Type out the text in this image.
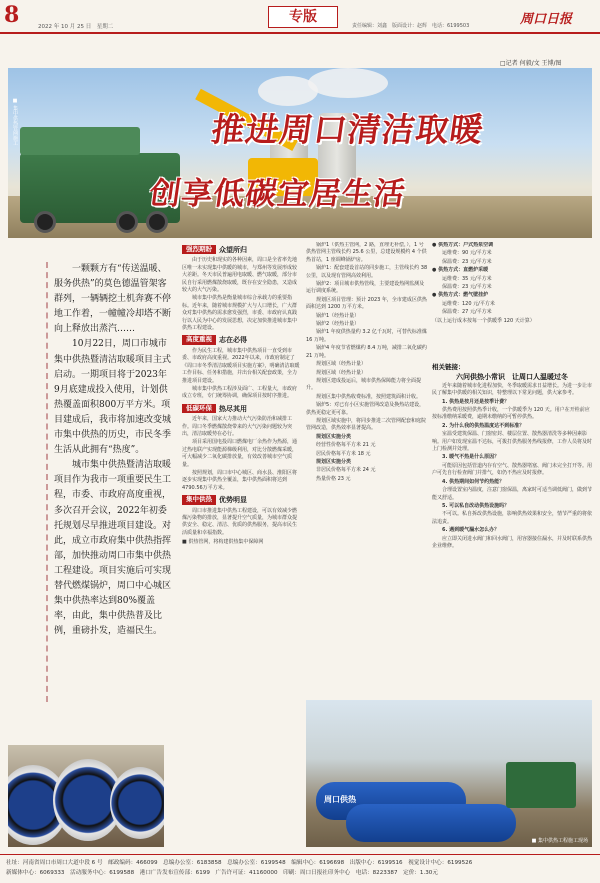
8	2022 年 10 月 25 日　星期二
专版
责任编辑：刘鑫　版面设计：赵辉　电话：6199503	周口日报
□记者 何毅/文 王博/图
■ 集中供热管网施工	推进周口清洁取暖
创享低碳宜居生活

一颗颗方有“传送温暖、服务供热”的莫色德温管架客群列，一辆辆挖土机奔赛不停地工作着，一幢幢冷却塔不断向上释放出蒸汽……

10月22日，周口市城市集中供热暨清洁取暖项目主式启动。一期项目将于2023年9月底建成投入使用，计划供热覆盖面积800万平方米。项目建成后，我市将加速改变城市集中供热的历史，市民冬季生活从此拥有“热度”。

城市集中供热暨清洁取暖项目作为我市一项重要民生工程，市委、市政府高度重视，多次召开会议，2022年初委托规划尽早推进项目建设。对此，成立市政府集中供热指挥部，加快推动周口市集中供热工程建设。项目实施后可实现替代燃煤锅炉，周口中心城区集中供热率达到80%覆盖率，由此，集中供热普及比例，重磅扑发，造福民生。

强烈期盼	众望所归

由于历史和现实的各种因素，周口是全省率先地区唯一未实现集中供暖的城市，与郑州等发展形成较大差距。冬天市民普遍用电取暖、燃气取暖，部分市民自行采用燃煤散烧取暖，既存在安全隐患，又造成较大的大气污染。

城市集中供热是衡量城市综合承载力的重要指标。近年来，随着城市规模扩大与人口增长，广大群众对集中供热的需求愈发强烈，市委、市政府认真践行以人民为中心的发展思想，决定加快推进城市集中供热工程建设。

高度重视	志在必得

作为民生工程，城市集中供热项目一直受到市委、市政府高度重视。2022年以来，市政府制定了《周口市冬季清洁取暖项目实施方案》，明确清洁取暖工作目标、任务和措施，并出台相关配套政策，全力推进项目建设。

城市集中供热工程涉及面广、工程量大，市政府成立专班，专门统筹协调，确保项目按时序推进。

低碳环保	热尽其用

近年来，国家大力推动大气污染防治和减排工作。周口冬季燃煤散烧带来的大气污染问题较为突出，清洁取暖势在必行。

项目采用国电投周口燃煤电厂余热作为热源，通过热电联产实现能源梯级利用，对比分散燃煤采暖，可大幅减少二氧化碳排放量，有效改善城市空气质量。

按照规划，周口市中心城区、商水县、淮阳区将逐步实现集中供热全覆盖，集中供热面积将达到4790.56万平方米。

集中供热	优势明显

周口市推进集中供热工程建设，可以有效减少燃煤污染物的排放，显著提升空气质量，为城市群众提供安全、稳定、清洁、优质的供热服务，提高市民生活质量和幸福指数。

■ 供热管网，将构建供热集中保障网

锅炉1（供热主管网，2 路，直埋无补偿，），1 号供热管网主管线长约 25.6 公里，总建设规模约 4 个供热首站，1 座调峰锅炉房。

锅炉1：配套建设首站的同步施工，主管线长约 38 公里，以及现有管网高效利用。

锅炉2：项目城市供热管线，主要建设热网监测及运行调度系统。

规划区项目管理：预计 2023 年，全市建成区供热面积达到 1200 万平方米。

锅炉1（经热计量）

锅炉2（经热计量）

锅炉1 年度供热量约 3.2 亿千瓦时，可替代标准煤 16 万吨。

锅炉4 年度节省燃煤约 8.4 万吨，减排二氧化碳约 21 万吨。

规划区域（经热计量）

规划区域（经热计量）

规划区建成投运后，城市供热保障能力将全面提升。

规划区集中供热收费标准，按照建筑面积计收。

锅炉5：对已有小区实施管网改造及换热站建设，供热更稳定更可靠。

规划区域实施中，将同步推进二次管网配套和庭院管网改造，供热效率显著提高。

规划区实施分类

经营性价格每平方米 21 元

居民价格每平方米 18 元

规划区实施分类

非居民价格每平方米 24 元

热量价格 23 元

● 供热方式：户式热泵空调

运维费：90 元/平方米

保温费：23 元/平方米

● 供热方式：直燃炉采暖

运维费：35 元/平方米

保温费：23 元/平方米

● 供热方式：燃气壁挂炉

运维费：120 元/平方米

保温费：27 元/平方米

（以上运行成本按每一个供暖季 120 天计算）

相关链接：
六问供热小常识　让周口人温暖过冬

近年来随着城市化进程加快，冬季取暖需求日益增长。为进一步让市民了解集中供暖的相关知识，特整理以下常见问题，供大家参考。

1. 供热是按月还是按季计费？

供热费用按照供热季计收，一个供暖季为 120 天。用户在开栓前应按标准缴纳采暖费，逾期未缴纳的可暂停供热。

2. 为什么我的供热温度达不到标准？

室温受建筑保温、门窗密封、楼层位置、散热器清洗等多种因素影响。用户如发现室温不达标，可拨打供热服务热线报修，工作人员将及时上门检测并处理。

3. 暖气不热是什么原因？

可能原因包括管道内存有空气、散热器堵塞、阀门未完全打开等。用户可先自行检查阀门并排气，如仍不热应及时报修。

4. 供热期间如何节约热能？

合理设置室内温度，注意门窗保温，离家时可适当调低阀门，做到节能又舒适。

5. 可以私自改动供热设施吗？

不可以。私自拆改供热设施，影响供热效果和安全，情节严重的将依法追责。

6. 遇到暖气漏水怎么办？

应立即关闭进水阀门和回水阀门，用容器接住漏水，并及时联系供热企业维修。

周口供热
■ 集中供热工程施工现场
社址：河南省周口市周口大道中段 6 号　邮政编码：466099　总编办公室：6183858　总编办公室：6199548　编辑中心：6196698　出版中心：6199516　视觉设计中心：6199526
新媒体中心：6069333　活动服务中心：6199588　港口广告发布宣传部：6199　广告许可证：41160000　印刷：周口日报社印务中心　电话：8223387　定价：1.30元
